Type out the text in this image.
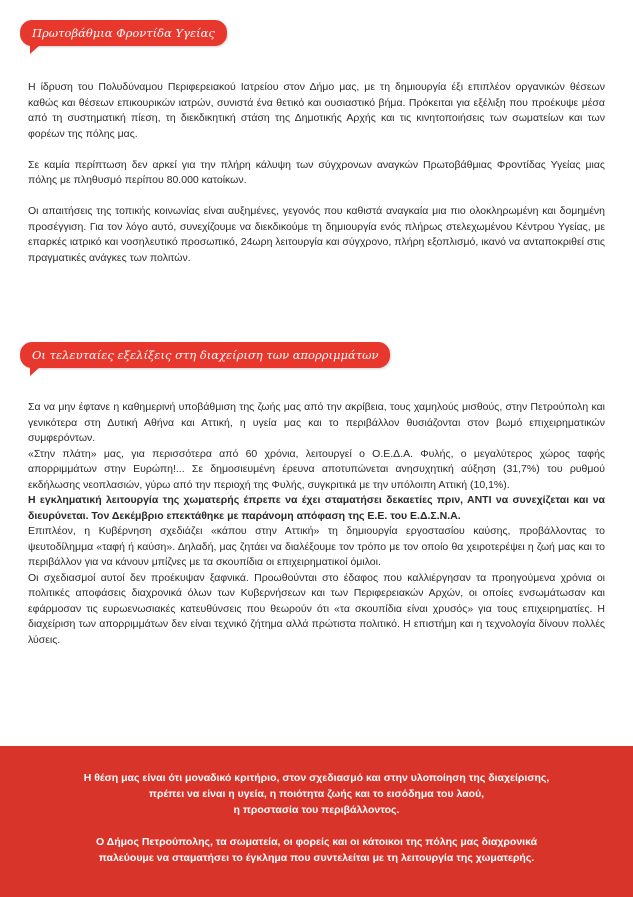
Πρωτοβάθμια Φροντίδα Υγείας

Η ίδρυση του Πολυδύναμου Περιφερειακού Ιατρείου στον Δήμο μας, με τη δημιουργία έξι επιπλέον οργανικών θέσεων καθώς και θέσεων επικουρικών ιατρών, συνιστά ένα θετικό και ουσιαστικό βήμα. Πρόκειται για εξέλιξη που προέκυψε μέσα από τη συστηματική πίεση, τη διεκδικητική στάση της Δημοτικής Αρχής και τις κινητοποιήσεις των σωματείων και των φορέων της πόλης μας.

Σε καμία περίπτωση δεν αρκεί για την πλήρη κάλυψη των σύγχρονων αναγκών Πρωτοβάθμιας Φροντίδας Υγείας μιας πόλης με πληθυσμό περίπου 80.000 κατοίκων.

Οι απαιτήσεις της τοπικής κοινωνίας είναι αυξημένες, γεγονός που καθιστά αναγκαία μια πιο ολοκληρωμένη και δομημένη προσέγγιση. Για τον λόγο αυτό, συνεχίζουμε να διεκδικούμε τη δημιουργία ενός πλήρως στελεχωμένου Κέντρου Υγείας, με επαρκές ιατρικό και νοσηλευτικό προσωπικό, 24ωρη λειτουργία και σύγχρονο, πλήρη εξοπλισμό, ικανό να ανταποκριθεί στις πραγματικές ανάγκες των πολιτών.

Οι τελευταίες εξελίξεις στη διαχείριση των απορριμμάτων

Σα να μην έφτανε η καθημερινή υποβάθμιση της ζωής μας από την ακρίβεια, τους χαμηλούς μισθούς, στην Πετρούπολη και γενικότερα στη Δυτική Αθήνα και Αττική, η υγεία μας και το περιβάλλον θυσιάζονται στον βωμό επιχειρηματικών συμφερόντων.

«Στην πλάτη» μας, για περισσότερα από 60 χρόνια, λειτουργεί ο Ο.Ε.Δ.Α. Φυλής, ο μεγαλύτερος χώρος ταφής απορριμμάτων στην Ευρώπη!... Σε δημοσιευμένη έρευνα αποτυπώνεται ανησυχητική αύξηση (31,7%) του ρυθμού εκδήλωσης νεοπλασιών, γύρω από την περιοχή της Φυλής, συγκριτικά με την υπόλοιπη Αττική (10,1%).

Η εγκληματική λειτουργία της χωματερής έπρεπε να έχει σταματήσει δεκαετίες πριν, ΑΝΤΙ να συνεχίζεται και να διευρύνεται. Τον Δεκέμβριο επεκτάθηκε με παράνομη απόφαση της Ε.Ε. του Ε.Δ.Σ.Ν.Α.

Επιπλέον, η Κυβέρνηση σχεδιάζει «κάπου στην Αττική» τη δημιουργία εργοστασίου καύσης, προβάλλοντας το ψευτοδίλημμα «ταφή ή καύση». Δηλαδή, μας ζητάει να διαλέξουμε τον τρόπο με τον οποίο θα χειροτερέψει η ζωή μας και το περιβάλλον για να κάνουν μπίζνες με τα σκουπίδια οι επιχειρηματικοί όμιλοι.

Οι σχεδιασμοί αυτοί δεν προέκυψαν ξαφνικά. Προωθούνται στο έδαφος που καλλιέργησαν τα προηγούμενα χρόνια οι πολιτικές αποφάσεις διαχρονικά όλων των Κυβερνήσεων και των Περιφερειακών Αρχών, οι οποίες ενσωμάτωσαν και εφάρμοσαν τις ευρωενωσιακές κατευθύνσεις που θεωρούν ότι «τα σκουπίδια είναι χρυσός» για τους επιχειρηματίες. Η διαχείριση των απορριμμάτων δεν είναι τεχνικό ζήτημα αλλά πρώτιστα πολιτικό. Η επιστήμη και η τεχνολογία δίνουν πολλές λύσεις.

Η θέση μας είναι ότι μοναδικό κριτήριο, στον σχεδιασμό και στην υλοποίηση της διαχείρισης,
πρέπει να είναι η υγεία, η ποιότητα ζωής και το εισόδημα του λαού,
η προστασία του περιβάλλοντος.
Ο Δήμος Πετρούπολης, τα σωματεία, οι φορείς και οι κάτοικοι της πόλης μας διαχρονικά
παλεύουμε να σταματήσει το έγκλημα που συντελείται με τη λειτουργία της χωματερής.
